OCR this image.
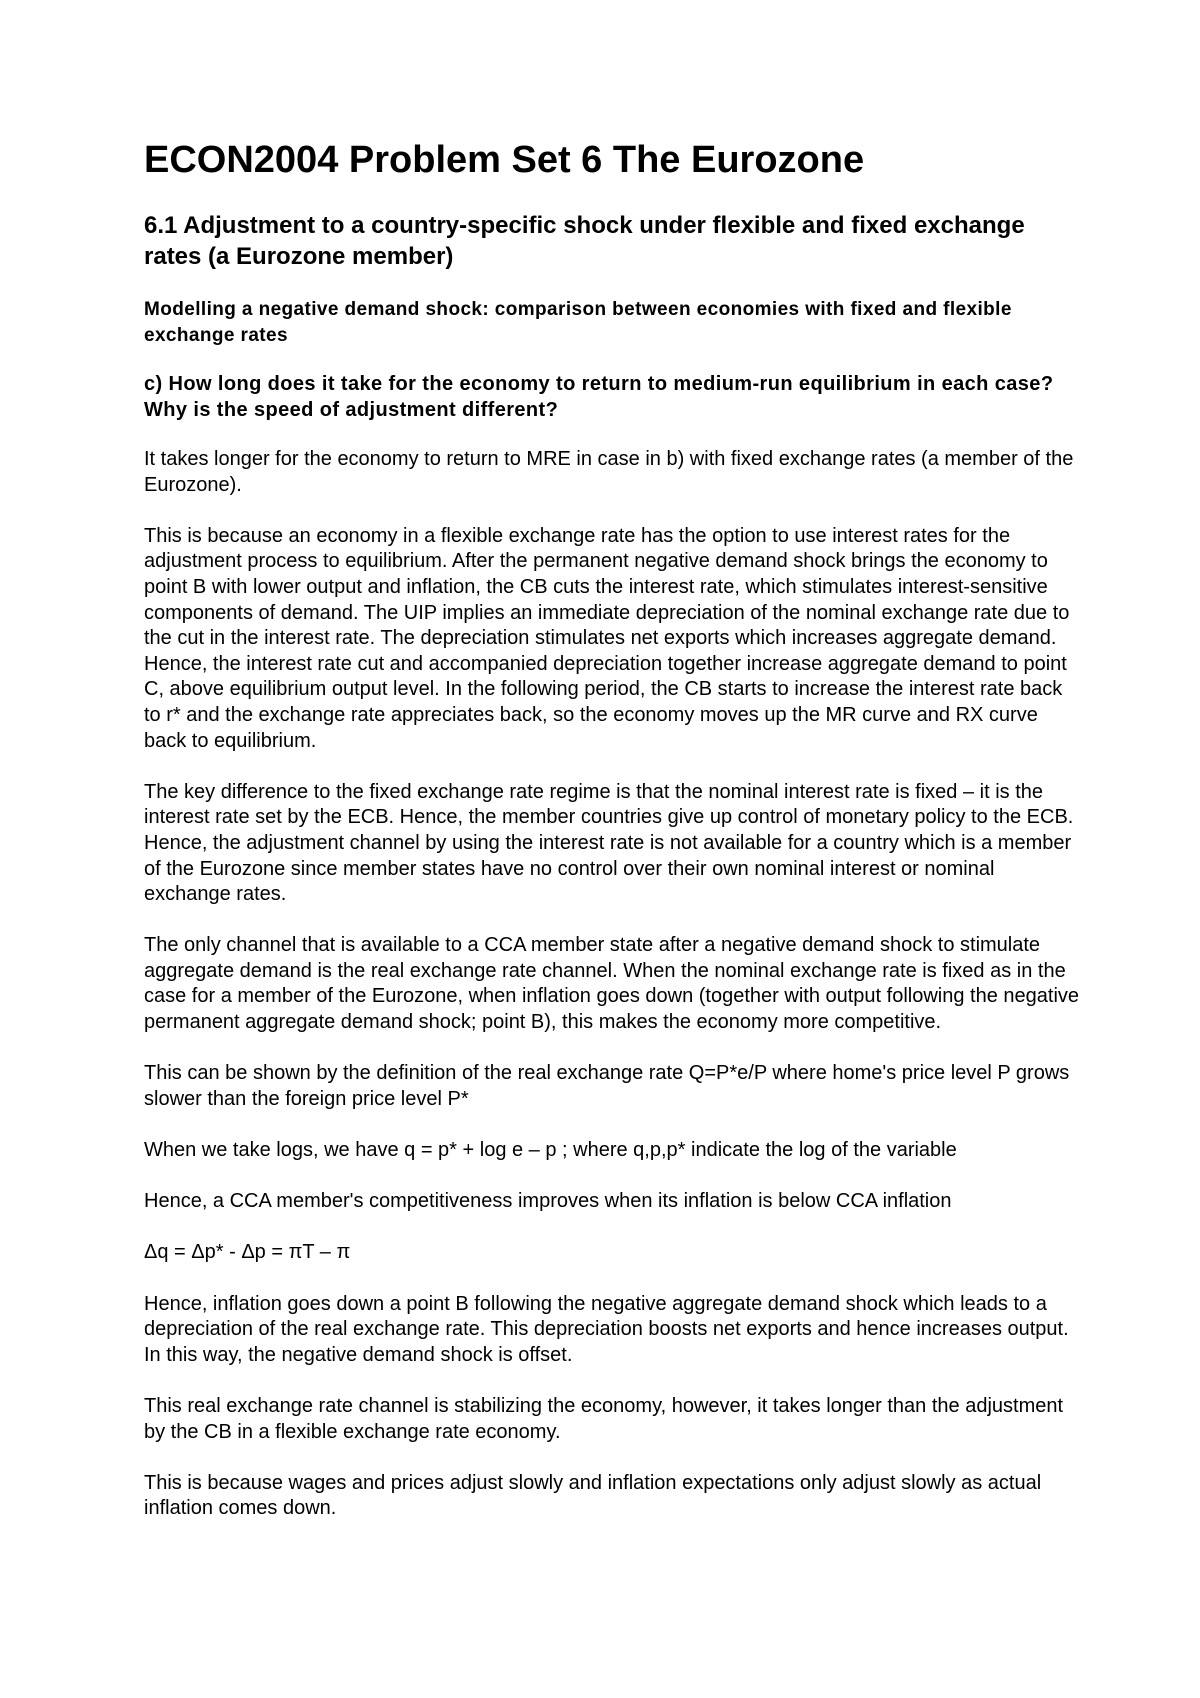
ECON2004 Problem Set 6 The Eurozone
6.1 Adjustment to a country-specific shock under flexible and fixed exchange rates (a Eurozone member)
Modelling a negative demand shock: comparison between economies with fixed and flexible exchange rates
c) How long does it take for the economy to return to medium-run equilibrium in each case? Why is the speed of adjustment different?

It takes longer for the economy to return to MRE in case in b) with fixed exchange rates (a member of the Eurozone).

This is because an economy in a flexible exchange rate has the option to use interest rates for the adjustment process to equilibrium. After the permanent negative demand shock brings the economy to point B with lower output and inflation, the CB cuts the interest rate, which stimulates interest-sensitive components of demand. The UIP implies an immediate depreciation of the nominal exchange rate due to the cut in the interest rate. The depreciation stimulates net exports which increases aggregate demand. Hence, the interest rate cut and accompanied depreciation together increase aggregate demand to point C, above equilibrium output level. In the following period, the CB starts to increase the interest rate back to r* and the exchange rate appreciates back, so the economy moves up the MR curve and RX curve back to equilibrium.

The key difference to the fixed exchange rate regime is that the nominal interest rate is fixed – it is the interest rate set by the ECB. Hence, the member countries give up control of monetary policy to the ECB. Hence, the adjustment channel by using the interest rate is not available for a country which is a member of the Eurozone since member states have no control over their own nominal interest or nominal exchange rates.

The only channel that is available to a CCA member state after a negative demand shock to stimulate aggregate demand is the real exchange rate channel. When the nominal exchange rate is fixed as in the case for a member of the Eurozone, when inflation goes down (together with output following the negative permanent aggregate demand shock; point B), this makes the economy more competitive.

This can be shown by the definition of the real exchange rate Q=P*e/P where home's price level P grows slower than the foreign price level P*

When we take logs, we have q = p* + log e – p ; where q,p,p* indicate the log of the variable

Hence, a CCA member's competitiveness improves when its inflation is below CCA inflation

Δq = Δp* - Δp = πT – π

Hence, inflation goes down a point B following the negative aggregate demand shock which leads to a depreciation of the real exchange rate. This depreciation boosts net exports and hence increases output. In this way, the negative demand shock is offset.

This real exchange rate channel is stabilizing the economy, however, it takes longer than the adjustment by the CB in a flexible exchange rate economy.

This is because wages and prices adjust slowly and inflation expectations only adjust slowly as actual inflation comes down.
